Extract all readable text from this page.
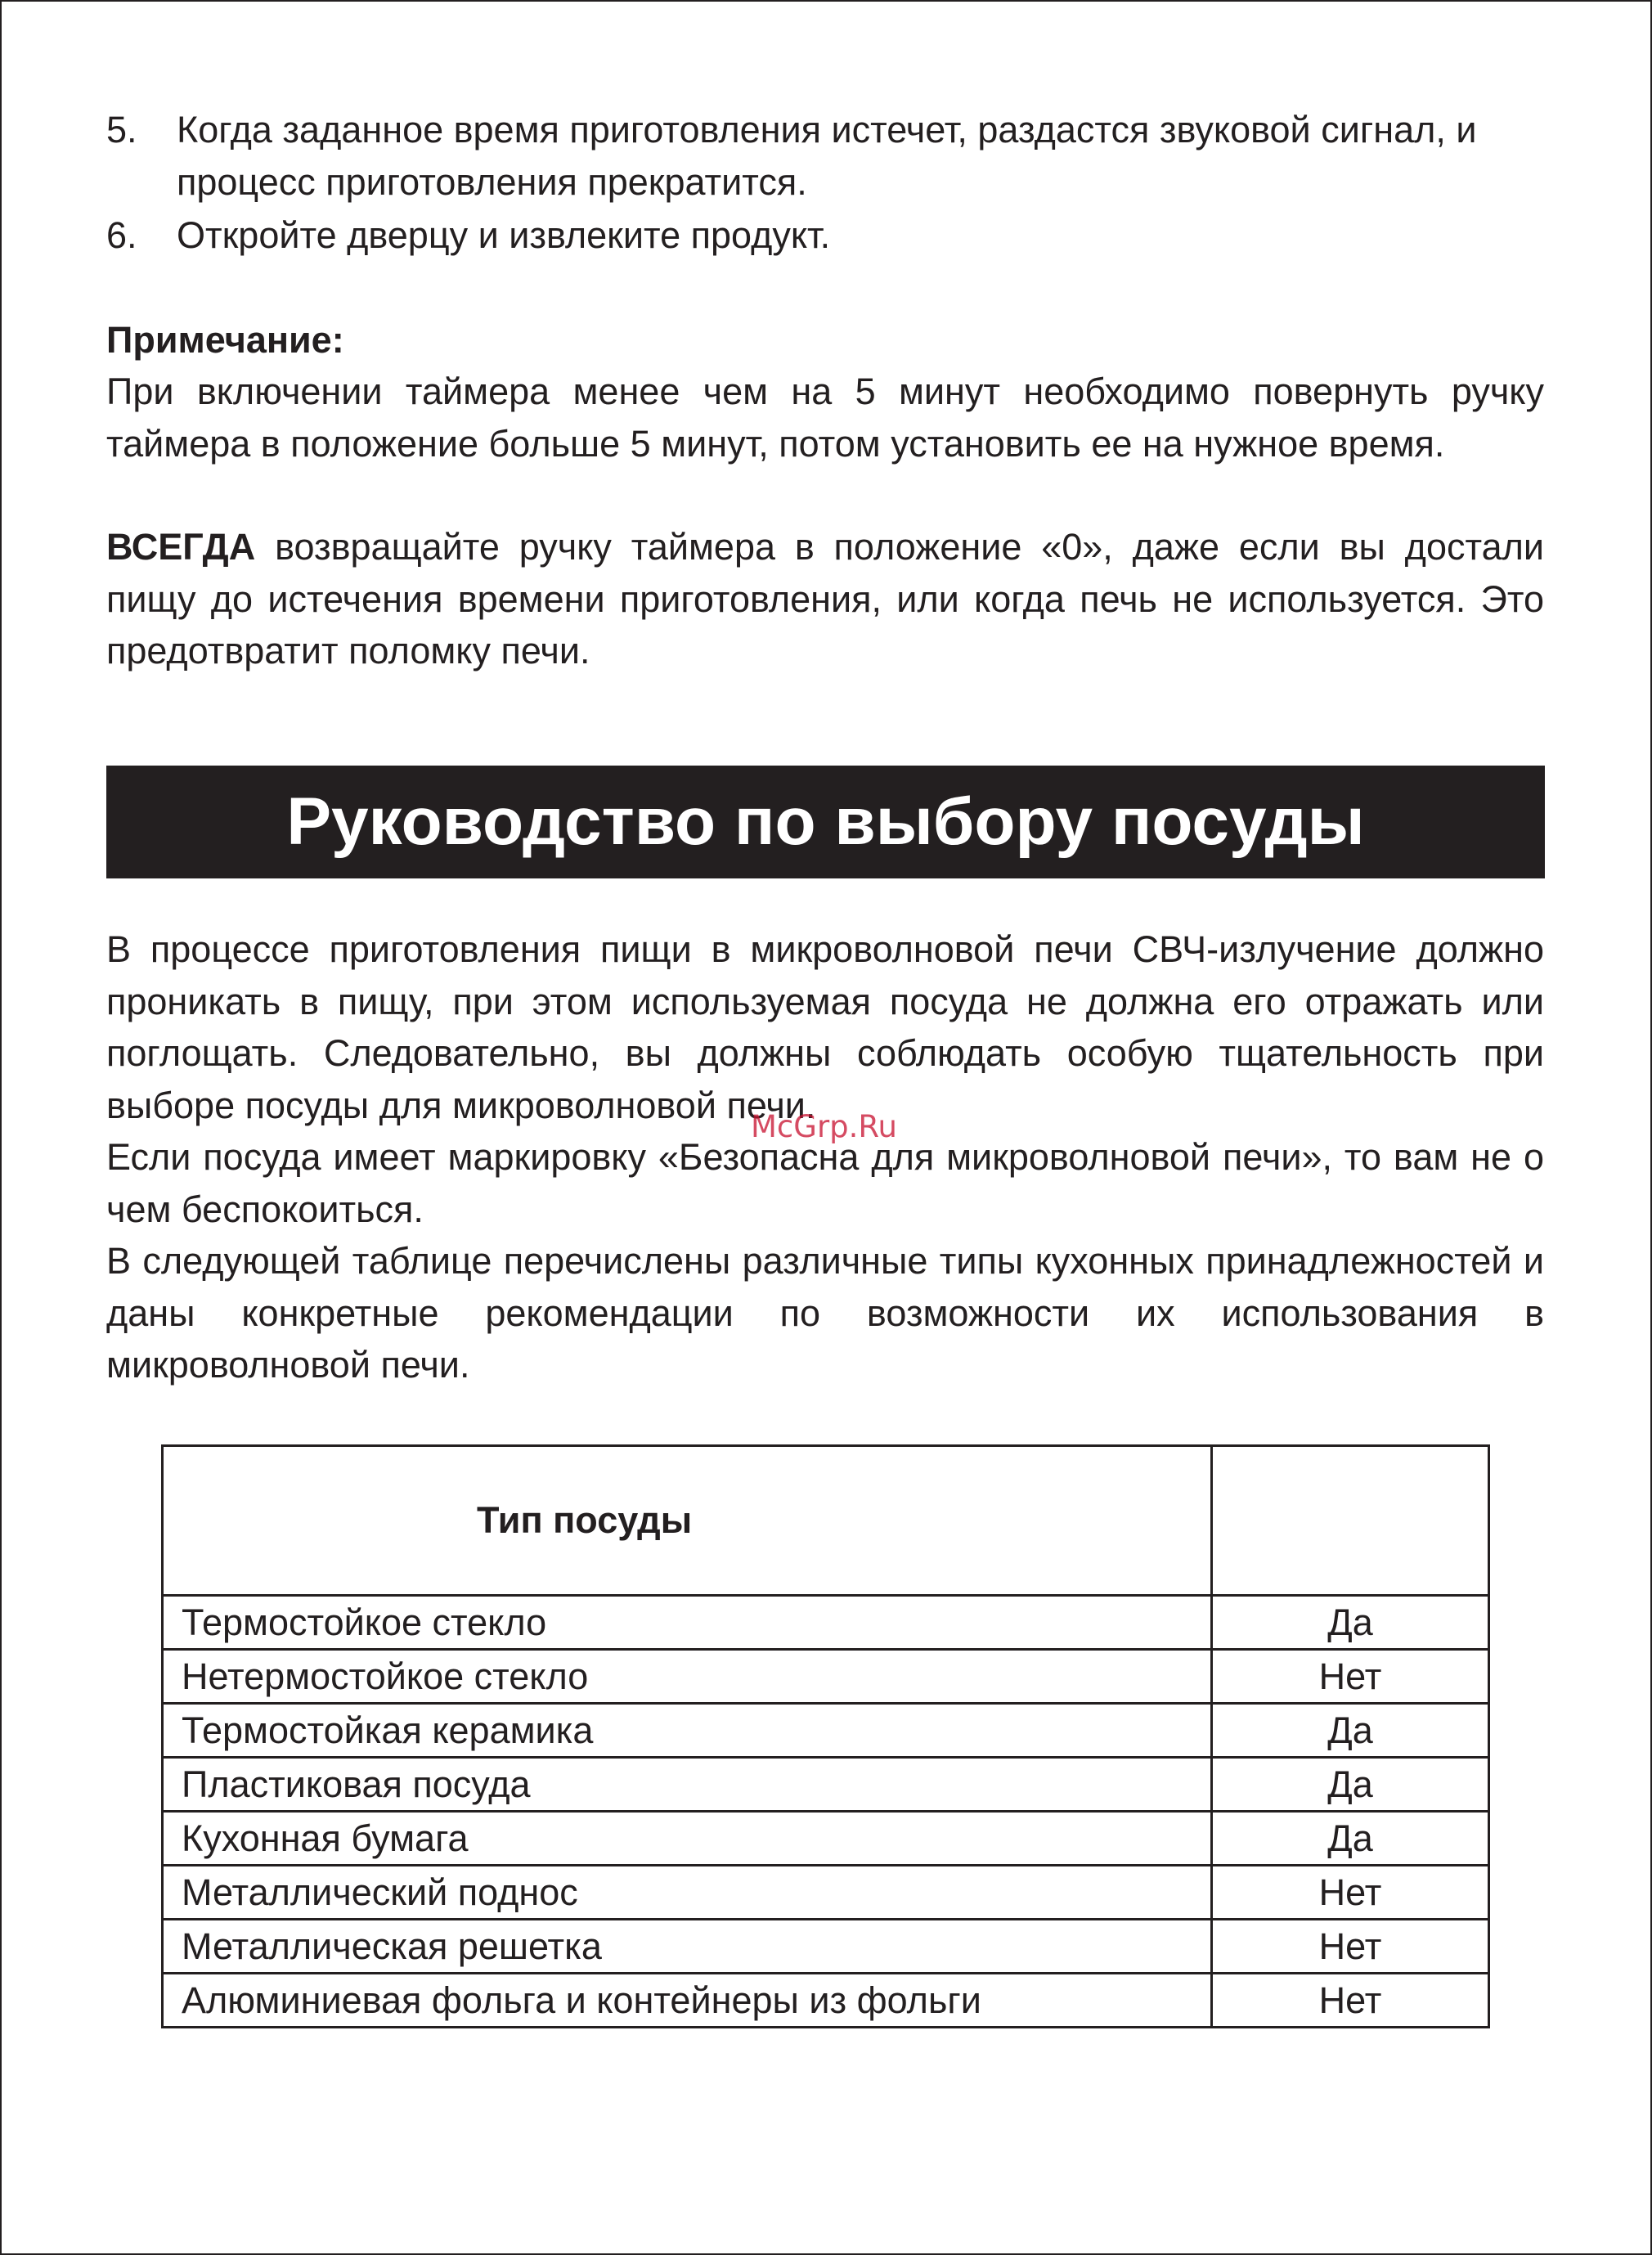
5. Когда заданное время приготовления истечет, раздастся звуковой сигнал, и процесс приготовления прекратится.
6. Откройте дверцу и извлеките продукт.
Примечание:
При включении таймера менее чем на 5 минут необходимо повернуть ручку таймера в положение больше 5 минут, потом установить ее на нужное время.
ВСЕГДА возвращайте ручку таймера в положение «0», даже если вы достали пищу до истечения времени приготовления, или когда печь не используется. Это предотвратит поломку печи.
Руководство по выбору посуды
В процессе приготовления пищи в микроволновой печи СВЧ-излучение должно проникать в пищу, при этом используемая посуда не должна его отражать или поглощать. Следовательно, вы должны соблюдать особую тщательность при выборе посуды для микроволновой печи.
Если посуда имеет маркировку «Безопасна для микроволновой печи», то вам не о чем беспокоиться.
В следующей таблице перечислены различные типы кухонных принадлежностей и даны конкретные рекомендации по возможности их использования в микроволновой печи.
McGrp.Ru
Тип посуды	
Термостойкое стекло	Да
Нетермостойкое стекло	Нет
Термостойкая керамика	Да
Пластиковая посуда	Да
Кухонная бумага	Да
Металлический поднос	Нет
Металлическая решетка	Нет
Алюминиевая фольга и контейнеры из фольги	Нет
